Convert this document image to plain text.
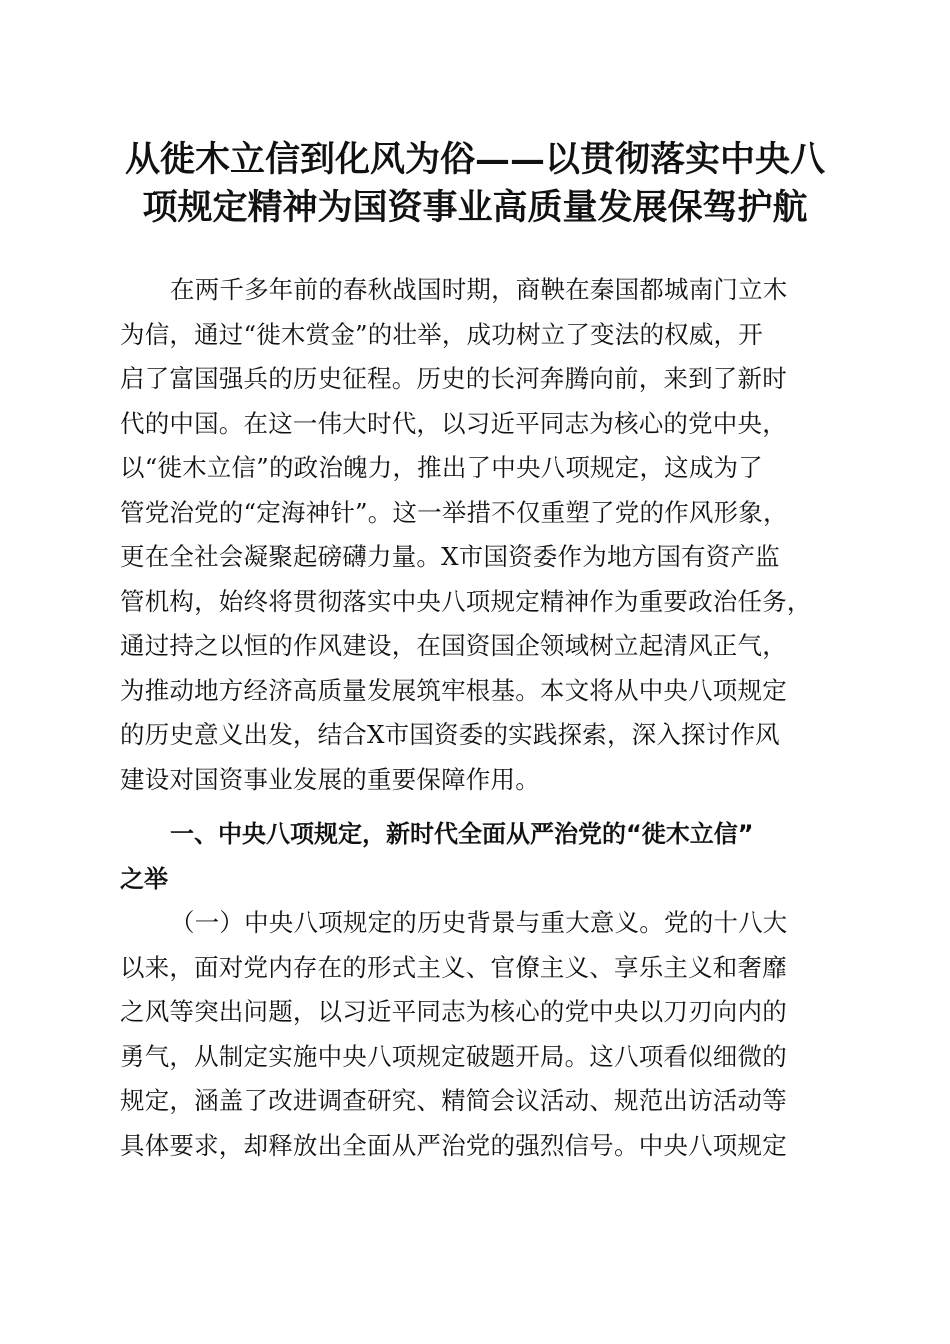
从徙木立信到化风为俗——以贯彻落实中央八
项规定精神为国资事业高质量发展保驾护航
在两千多年前的春秋战国时期，商鞅在秦国都城南门立木
为信，通过“徙木赏金”的壮举，成功树立了变法的权威，开
启了富国强兵的历史征程。历史的长河奔腾向前，来到了新时
代的中国。在这一伟大时代，以习近平同志为核心的党中央，
以“徙木立信”的政治魄力，推出了中央八项规定，这成为了
管党治党的“定海神针”。这一举措不仅重塑了党的作风形象，
更在全社会凝聚起磅礴力量。X市国资委作为地方国有资产监
管机构，始终将贯彻落实中央八项规定精神作为重要政治任务，
通过持之以恒的作风建设，在国资国企领域树立起清风正气，
为推动地方经济高质量发展筑牢根基。本文将从中央八项规定
的历史意义出发，结合X市国资委的实践探索，深入探讨作风
建设对国资事业发展的重要保障作用。
一、中央八项规定，新时代全面从严治党的“徙木立信”
之举
（一）中央八项规定的历史背景与重大意义。党的十八大
以来，面对党内存在的形式主义、官僚主义、享乐主义和奢靡
之风等突出问题，以习近平同志为核心的党中央以刀刃向内的
勇气，从制定实施中央八项规定破题开局。这八项看似细微的
规定，涵盖了改进调查研究、精简会议活动、规范出访活动等
具体要求，却释放出全面从严治党的强烈信号。中央八项规定
